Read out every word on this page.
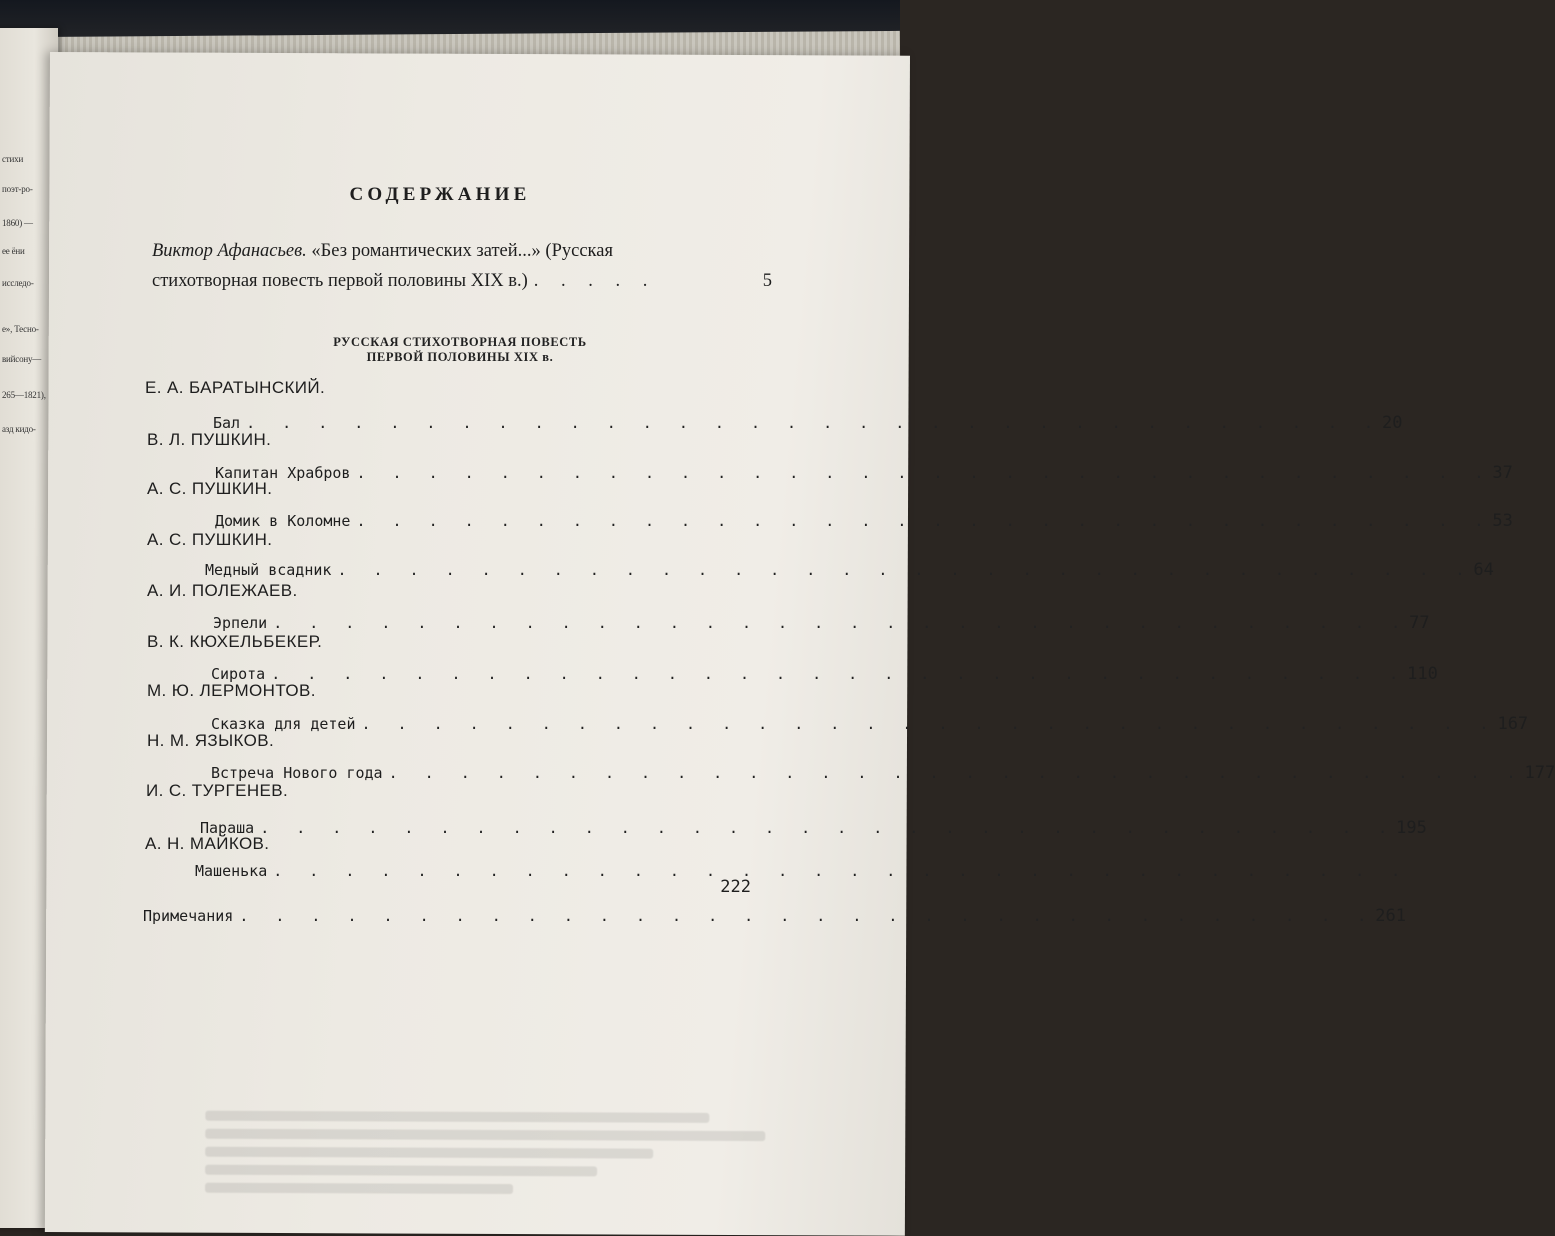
стихи
поэт-ро-
1860) —
ее ёни
исследо-
е», Тесно-
вийсону—
265—1821),
азд кидо-
СОДЕРЖАНИЕ
Виктор Афанасьев. «Без романтических затей...» (Русская
стихотворная повесть первой половины XIX в.) . . . . .	5
РУССКАЯ СТИХОТВОРНАЯ ПОВЕСТЬ
ПЕРВОЙ ПОЛОВИНЫ XIX в.
Е. А. БАРАТЫНСКИЙ.
Бал . . . . . . . . . . . . . . . . . . . . . . . . . . . . . . . . 20
В. Л. ПУШКИН.
Капитан Храбров . . . . . . . . . . . . . . . . . . . . . . . . . . . . . . . . 37
А. С. ПУШКИН.
Домик в Коломне . . . . . . . . . . . . . . . . . . . . . . . . . . . . . . . . 53
А. С. ПУШКИН.
Медный всадник . . . . . . . . . . . . . . . . . . . . . . . . . . . . . . . . 64
А. И. ПОЛЕЖАЕВ.
Эрпели . . . . . . . . . . . . . . . . . . . . . . . . . . . . . . . . 77
В. К. КЮХЕЛЬБЕКЕР.
Сирота . . . . . . . . . . . . . . . . . . . . . . . . . . . . . . . . 110
М. Ю. ЛЕРМОНТОВ.
Сказка для детей . . . . . . . . . . . . . . . . . . . . . . . . . . . . . . . . 167
Н. М. ЯЗЫКОВ.
Встреча Нового года . . . . . . . . . . . . . . . . . . . . . . . . . . . . . . . . 177
И. С. ТУРГЕНЕВ.
Параша . . . . . . . . . . . . . . . . . . . . . . . . . . . . . . . . 195
А. Н. МАЙКОВ.
Машенька . . . . . . . . . . . . . . . . . . . . . . . . . . . . . . . .
222
Примечания . . . . . . . . . . . . . . . . . . . . . . . . . . . . . . . . 261
